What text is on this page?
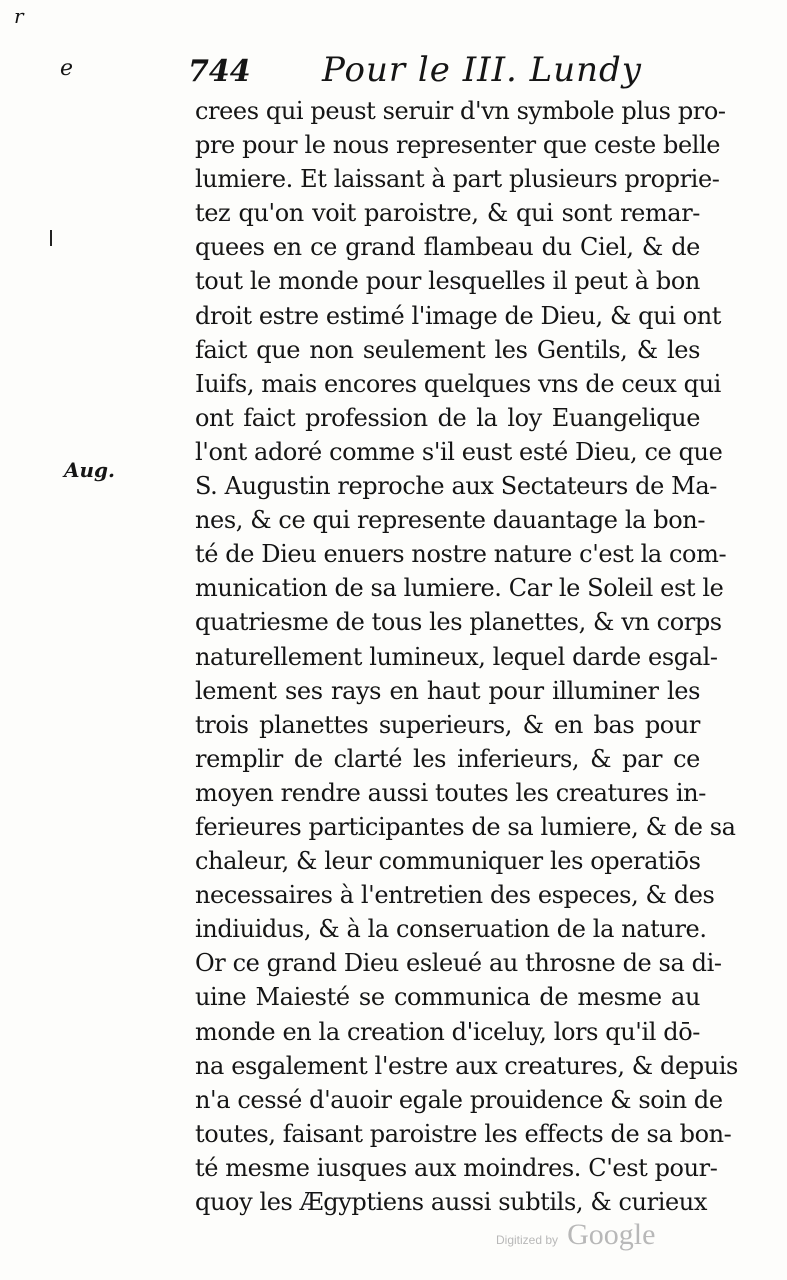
r
e
Aug.
744 Pour le III. Lundy
crees qui peust seruir d'vn symbole plus pro-
pre pour le nous representer que ceste belle
lumiere. Et laissant à part plusieurs proprie-
tez qu'on voit paroistre, & qui sont remar-
quees en ce grand flambeau du Ciel, & de
tout le monde pour lesquelles il peut à bon
droit estre estimé l'image de Dieu, & qui ont
faict que non seulement les Gentils, & les
Iuifs, mais encores quelques vns de ceux qui
ont faict profession de la loy Euangelique
l'ont adoré comme s'il eust esté Dieu, ce que
S. Augustin reproche aux Sectateurs de Ma-
nes, & ce qui represente dauantage la bon-
té de Dieu enuers nostre nature c'est la com-
munication de sa lumiere. Car le Soleil est le
quatriesme de tous les planettes, & vn corps
naturellement lumineux, lequel darde esgal-
lement ses rays en haut pour illuminer les
trois planettes superieurs, & en bas pour
remplir de clarté les inferieurs, & par ce
moyen rendre aussi toutes les creatures in-
ferieures participantes de sa lumiere, & de sa
chaleur, & leur communiquer les operatiōs
necessaires à l'entretien des especes, & des
indiuidus, & à la conseruation de la nature.
Or ce grand Dieu esleué au throsne de sa di-
uine Maiesté se communica de mesme au
monde en la creation d'iceluy, lors qu'il dō-
na esgalement l'estre aux creatures, & depuis
n'a cessé d'auoir egale prouidence & soin de
toutes, faisant paroistre les effects de sa bon-
té mesme iusques aux moindres. C'est pour-
quoy les Ægyptiens aussi subtils, & curieux
Digitized by Google
